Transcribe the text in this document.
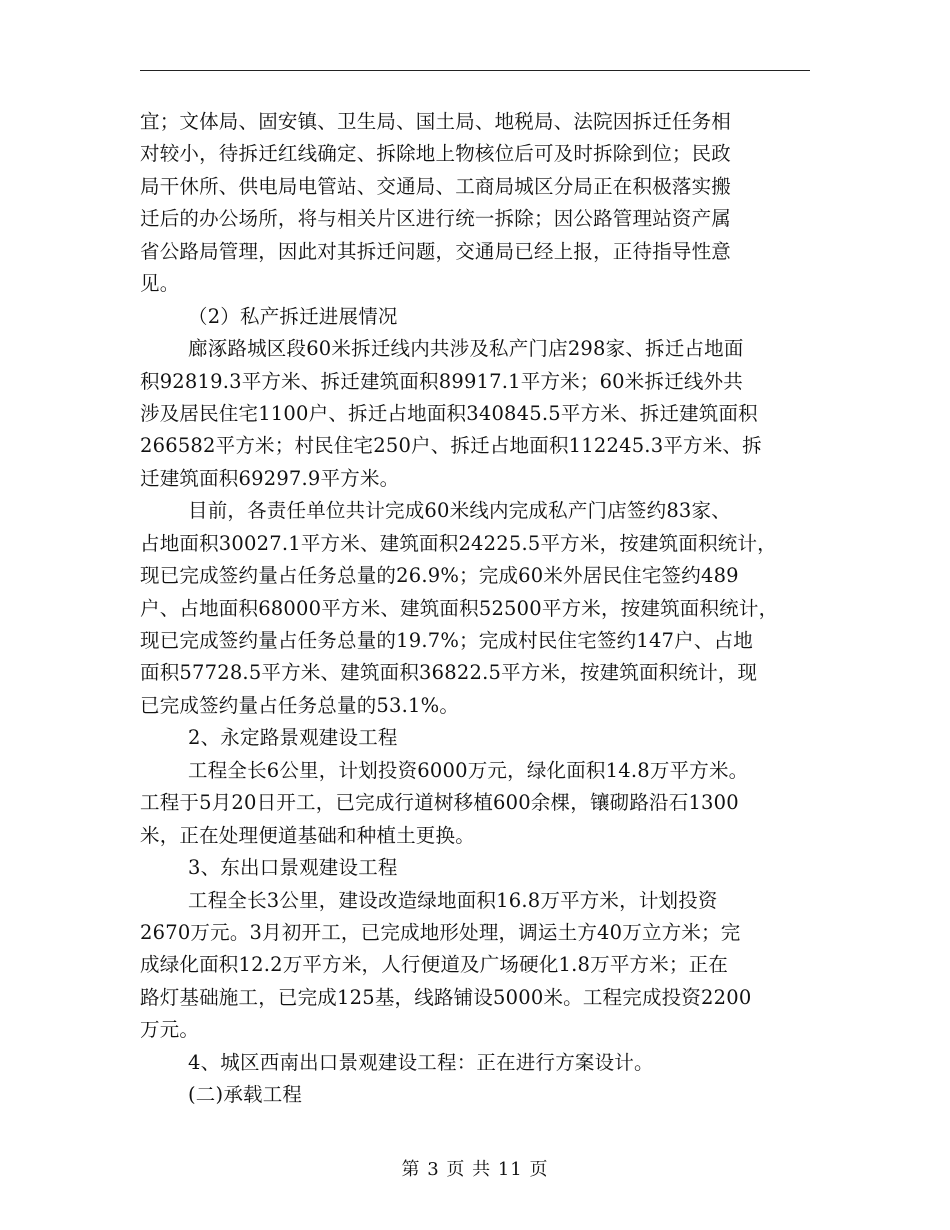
宜；文体局、固安镇、卫生局、国土局、地税局、法院因拆迁任务相
对较小，待拆迁红线确定、拆除地上物核位后可及时拆除到位；民政
局干休所、供电局电管站、交通局、工商局城区分局正在积极落实搬
迁后的办公场所，将与相关片区进行统一拆除；因公路管理站资产属
省公路局管理，因此对其拆迁问题，交通局已经上报，正待指导性意
见。
（2）私产拆迁进展情况
廊涿路城区段60米拆迁线内共涉及私产门店298家、拆迁占地面
积92819.3平方米、拆迁建筑面积89917.1平方米；60米拆迁线外共
涉及居民住宅1100户、拆迁占地面积340845.5平方米、拆迁建筑面积
266582平方米；村民住宅250户、拆迁占地面积112245.3平方米、拆
迁建筑面积69297.9平方米。
目前，各责任单位共计完成60米线内完成私产门店签约83家、
占地面积30027.1平方米、建筑面积24225.5平方米，按建筑面积统计，
现已完成签约量占任务总量的26.9%；完成60米外居民住宅签约489
户、占地面积68000平方米、建筑面积52500平方米，按建筑面积统计，
现已完成签约量占任务总量的19.7%；完成村民住宅签约147户、占地
面积57728.5平方米、建筑面积36822.5平方米，按建筑面积统计，现
已完成签约量占任务总量的53.1%。
2、永定路景观建设工程
工程全长6公里，计划投资6000万元，绿化面积14.8万平方米。
工程于5月20日开工，已完成行道树移植600余棵，镶砌路沿石1300
米，正在处理便道基础和种植土更换。
3、东出口景观建设工程
工程全长3公里，建设改造绿地面积16.8万平方米，计划投资
2670万元。3月初开工，已完成地形处理，调运土方40万立方米；完
成绿化面积12.2万平方米，人行便道及广场硬化1.8万平方米；正在
路灯基础施工，已完成125基，线路铺设5000米。工程完成投资2200
万元。
4、城区西南出口景观建设工程：正在进行方案设计。
(二)承载工程
第 3 页 共 11 页
